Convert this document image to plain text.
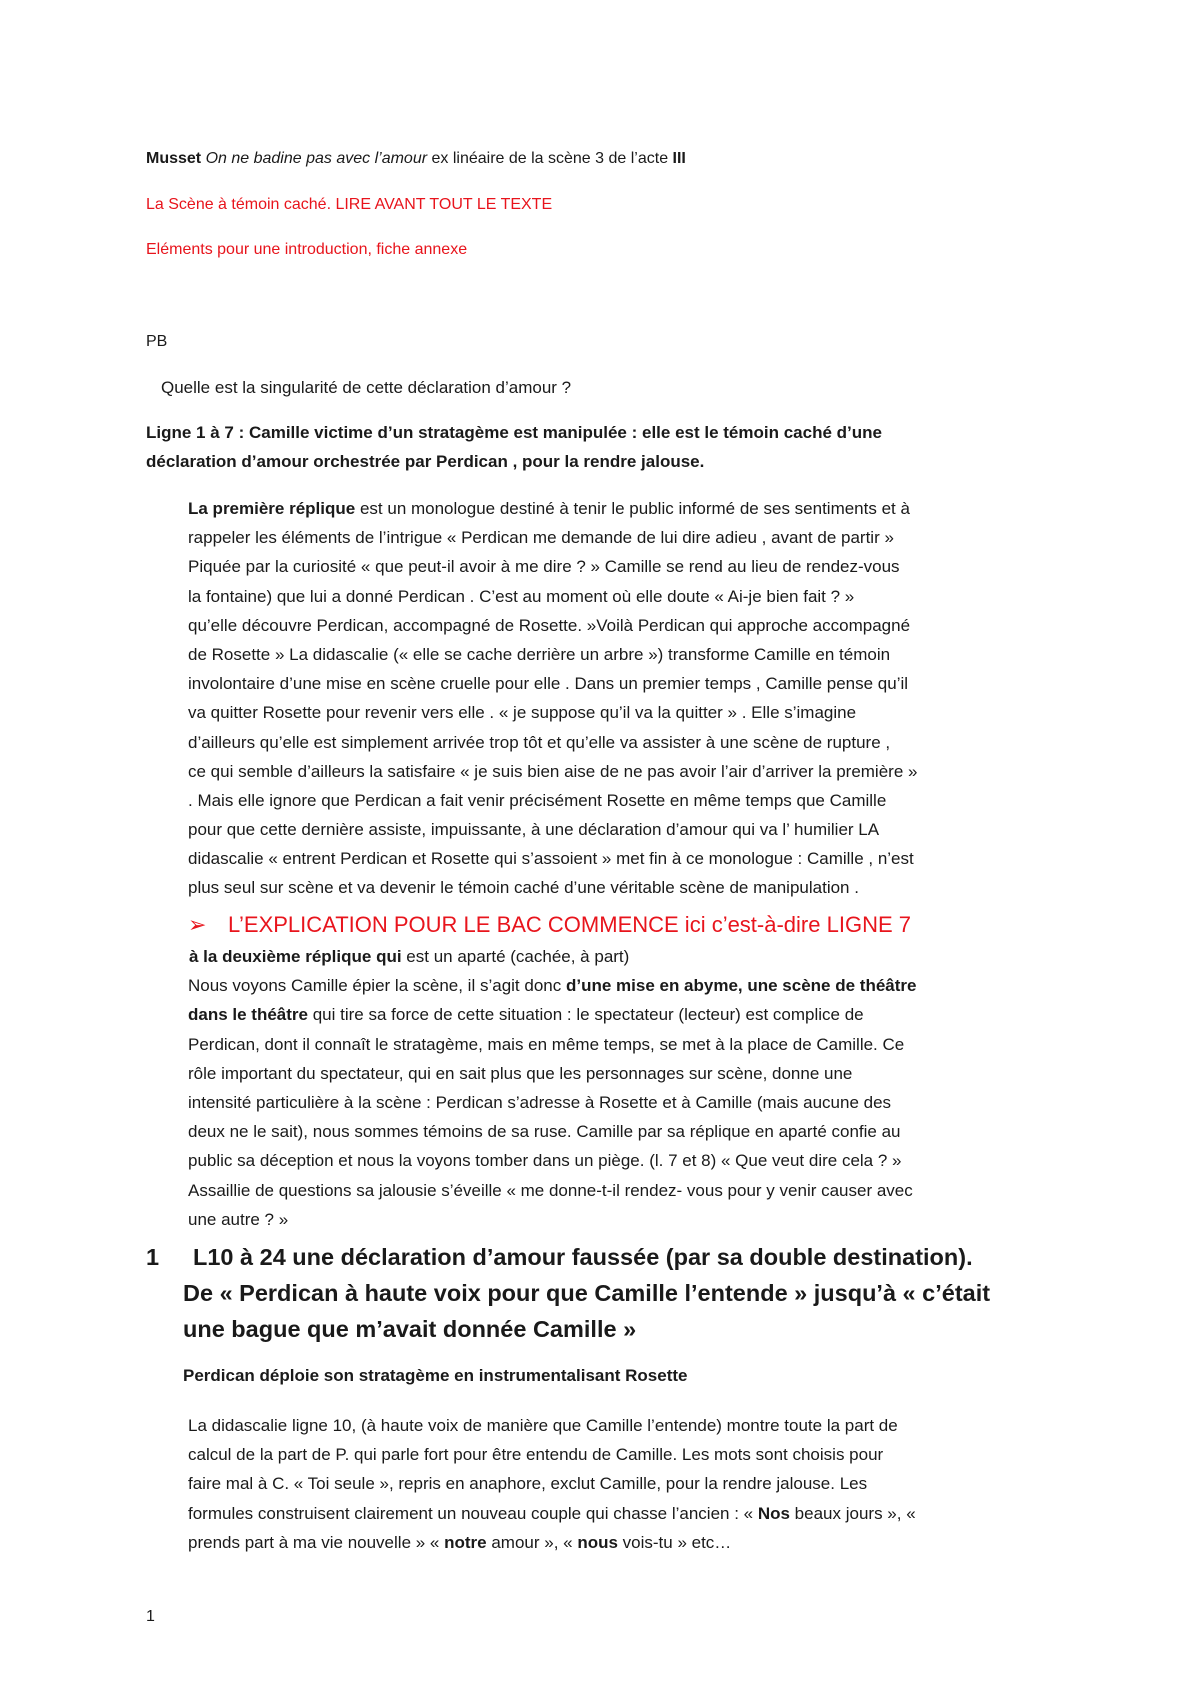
Musset On ne badine pas avec l’amour ex linéaire de la scène 3 de l’acte III
La Scène à témoin caché. LIRE AVANT TOUT LE TEXTE
Eléments pour une introduction, fiche annexe
PB
Quelle est la singularité de cette déclaration d’amour ?
Ligne 1 à 7 : Camille victime d’un stratagème est manipulée : elle est le témoin caché d’une
déclaration d’amour orchestrée par Perdican , pour la rendre jalouse.
La première réplique est un monologue destiné à tenir le public informé de ses sentiments et à
rappeler les éléments de l’intrigue « Perdican me demande de lui dire adieu , avant de partir »
Piquée par la curiosité « que peut-il avoir à me dire ? » Camille se rend au lieu de rendez-vous
la fontaine) que lui a donné Perdican . C’est au moment où elle doute « Ai-je bien fait ? »
qu’elle découvre Perdican, accompagné de Rosette. »Voilà Perdican qui approche accompagné
de Rosette » La didascalie (« elle se cache derrière un arbre ») transforme Camille en témoin
involontaire d’une mise en scène cruelle pour elle . Dans un premier temps , Camille pense qu’il
va quitter Rosette pour revenir vers elle . « je suppose qu’il va la quitter » . Elle s’imagine
d’ailleurs qu’elle est simplement arrivée trop tôt et qu’elle va assister à une scène de rupture ,
ce qui semble d’ailleurs la satisfaire « je suis bien aise de ne pas avoir l’air d’arriver la première »
. Mais elle ignore que Perdican a fait venir précisément Rosette en même temps que Camille
pour que cette dernière assiste, impuissante, à une déclaration d’amour qui va l’ humilier LA
didascalie « entrent Perdican et Rosette qui s’assoient » met fin à ce monologue : Camille , n’est
plus seul sur scène et va devenir le témoin caché d’une véritable scène de manipulation .
➢ L’EXPLICATION POUR LE BAC COMMENCE ici c’est-à-dire LIGNE 7
à la deuxième réplique qui est un aparté (cachée, à part)
Nous voyons Camille épier la scène, il s’agit donc d’une mise en abyme, une scène de théâtre
dans le théâtre qui tire sa force de cette situation : le spectateur (lecteur) est complice de
Perdican, dont il connaît le stratagème, mais en même temps, se met à la place de Camille. Ce
rôle important du spectateur, qui en sait plus que les personnages sur scène, donne une
intensité particulière à la scène : Perdican s’adresse à Rosette et à Camille (mais aucune des
deux ne le sait), nous sommes témoins de sa ruse. Camille par sa réplique en aparté confie au
public sa déception et nous la voyons tomber dans un piège. (l. 7 et 8) « Que veut dire cela ? »
Assaillie de questions sa jalousie s’éveille « me donne-t-il rendez- vous pour y venir causer avec
une autre ? »
1 L10 à 24 une déclaration d’amour faussée (par sa double destination).
De « Perdican à haute voix pour que Camille l’entende » jusqu’à « c’était
une bague que m’avait donnée Camille »
Perdican déploie son stratagème en instrumentalisant Rosette
La didascalie ligne 10, (à haute voix de manière que Camille l’entende) montre toute la part de
calcul de la part de P. qui parle fort pour être entendu de Camille. Les mots sont choisis pour
faire mal à C. « Toi seule », repris en anaphore, exclut Camille, pour la rendre jalouse. Les
formules construisent clairement un nouveau couple qui chasse l’ancien : « Nos beaux jours », «
prends part à ma vie nouvelle » « notre amour », « nous vois-tu » etc…
1
